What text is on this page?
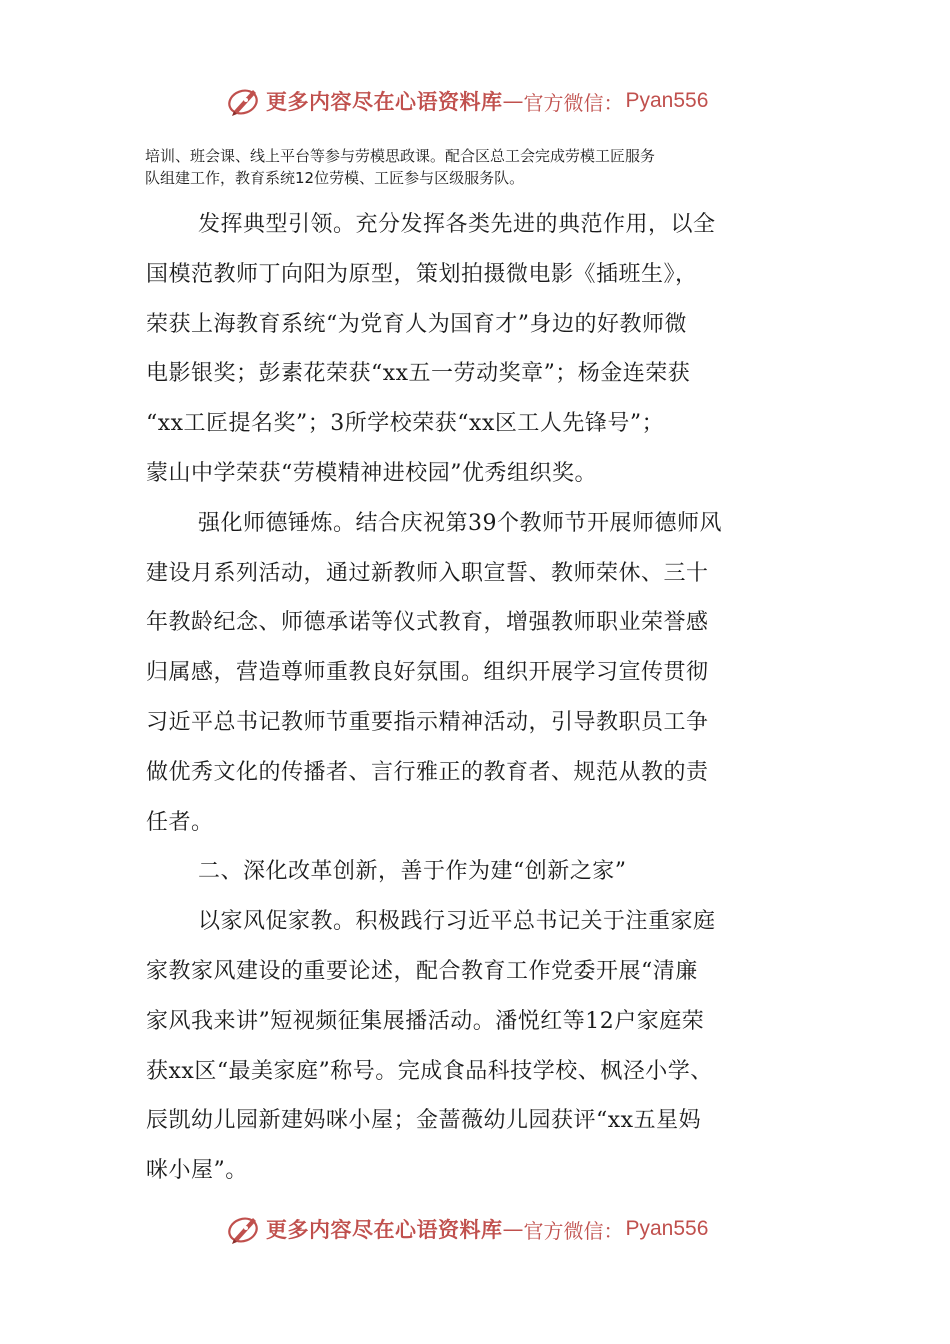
更多内容尽在心语资料库 — 官方微信： Pyan556
培训、班会课、线上平台等参与劳模思政课。配合区总工会完成劳模工匠服务
队组建工作，教育系统12位劳模、工匠参与区级服务队。
发挥典型引领。充分发挥各类先进的典范作用，以全
国模范教师丁向阳为原型，策划拍摄微电影《插班生》，
荣获上海教育系统“为党育人为国育才”身边的好教师微
电影银奖；彭素花荣获“xx五一劳动奖章”；杨金连荣获
“xx工匠提名奖”；3所学校荣获“xx区工人先锋号”；
蒙山中学荣获“劳模精神进校园”优秀组织奖。
强化师德锤炼。结合庆祝第39个教师节开展师德师风
建设月系列活动，通过新教师入职宣誓、教师荣休、三十
年教龄纪念、师德承诺等仪式教育，增强教师职业荣誉感
归属感，营造尊师重教良好氛围。组织开展学习宣传贯彻
习近平总书记教师节重要指示精神活动，引导教职员工争
做优秀文化的传播者、言行雅正的教育者、规范从教的责
任者。
二、深化改革创新，善于作为建“创新之家”
以家风促家教。积极践行习近平总书记关于注重家庭
家教家风建设的重要论述，配合教育工作党委开展“清廉
家风我来讲”短视频征集展播活动。潘悦红等12户家庭荣
获xx区“最美家庭”称号。完成食品科技学校、枫泾小学、
辰凯幼儿园新建妈咪小屋；金蔷薇幼儿园获评“xx五星妈
咪小屋”。
更多内容尽在心语资料库 — 官方微信： Pyan556
